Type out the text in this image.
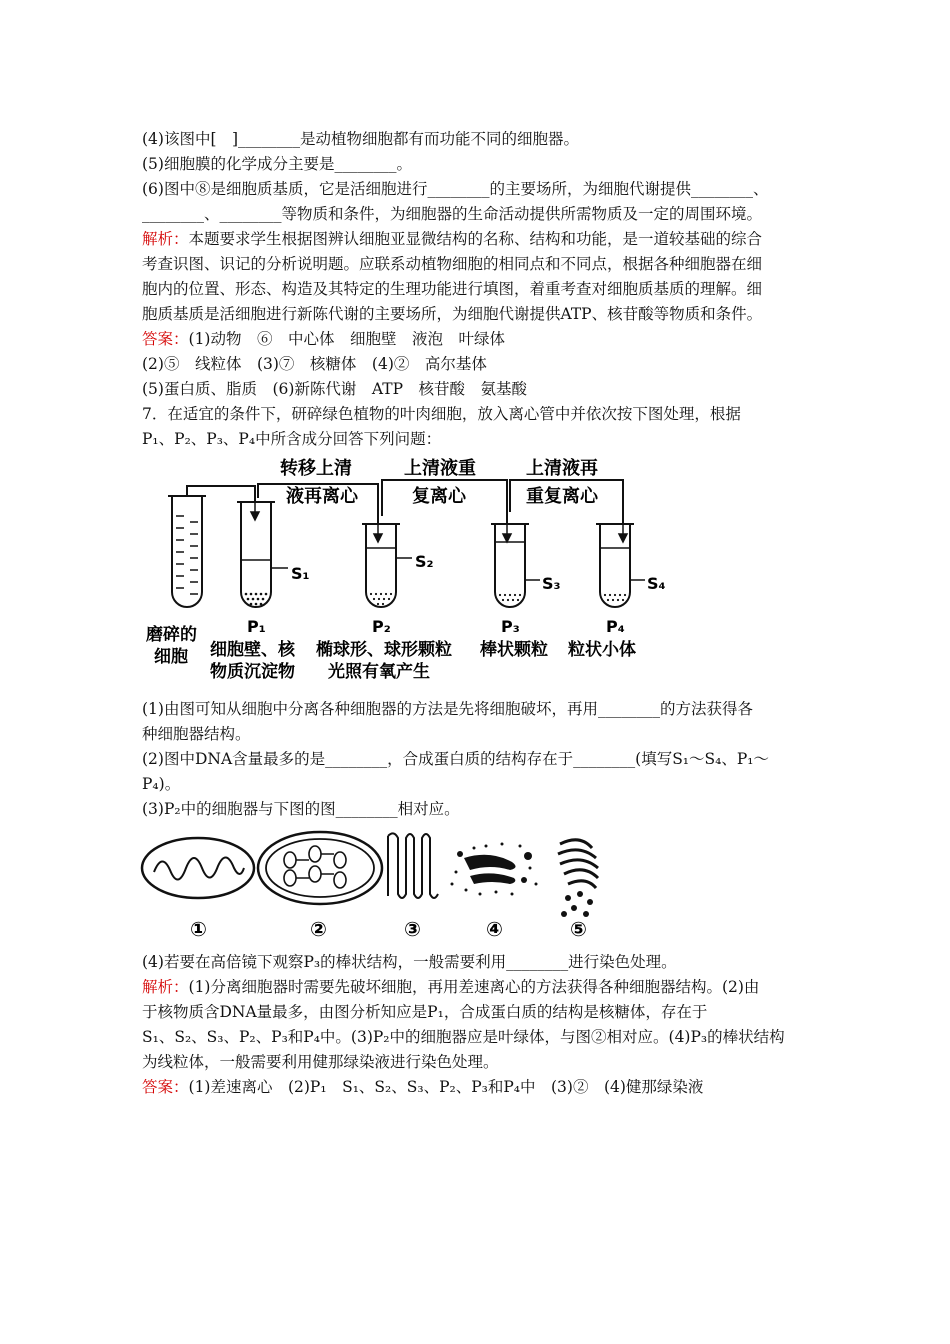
(4)该图中[　]________是动植物细胞都有而功能不同的细胞器。
(5)细胞膜的化学成分主要是________。
(6)图中⑧是细胞质基质，它是活细胞进行________的主要场所，为细胞代谢提供________、
________、________等物质和条件，为细胞器的生命活动提供所需物质及一定的周围环境。
解析：本题要求学生根据图辨认细胞亚显微结构的名称、结构和功能，是一道较基础的综合
考查识图、识记的分析说明题。应联系动植物细胞的相同点和不同点，根据各种细胞器在细
胞内的位置、形态、构造及其特定的生理功能进行填图，着重考查对细胞质基质的理解。细
胞质基质是活细胞进行新陈代谢的主要场所，为细胞代谢提供ATP、核苷酸等物质和条件。
答案：(1)动物　⑥　中心体　细胞壁　液泡　叶绿体
(2)⑤　线粒体　(3)⑦　核糖体　(4)②　高尔基体
(5)蛋白质、脂质　(6)新陈代谢　ATP　核苷酸　氨基酸
7．在适宜的条件下，研碎绿色植物的叶肉细胞，放入离心管中并依次按下图处理，根据
P₁、P₂、P₃、P₄中所含成分回答下列问题：
转移上清
液再离心
上清液重
复离心
上清液再
重复离心
S₁
S₂
S₃	S₄
P₁	P₂	P₃	P₄
磨碎的
细胞 细胞壁、核
物质沉淀物
椭球形、球形颗粒
光照有氧产生
棒状颗粒 粒状小体
(1)由图可知从细胞中分离各种细胞器的方法是先将细胞破坏，再用________的方法获得各
种细胞器结构。
(2)图中DNA含量最多的是________，合成蛋白质的结构存在于________(填写S₁～S₄、P₁～
P₄)。
(3)P₂中的细胞器与下图的图________相对应。
①	②	③	④	⑤
(4)若要在高倍镜下观察P₃的棒状结构，一般需要利用________进行染色处理。
解析：(1)分离细胞器时需要先破坏细胞，再用差速离心的方法获得各种细胞器结构。(2)由
于核物质含DNA量最多，由图分析知应是P₁，合成蛋白质的结构是核糖体，存在于
S₁、S₂、S₃、P₂、P₃和P₄中。(3)P₂中的细胞器应是叶绿体，与图②相对应。(4)P₃的棒状结构
为线粒体，一般需要利用健那绿染液进行染色处理。
答案：(1)差速离心　(2)P₁　S₁、S₂、S₃、P₂、P₃和P₄中　(3)②　(4)健那绿染液
